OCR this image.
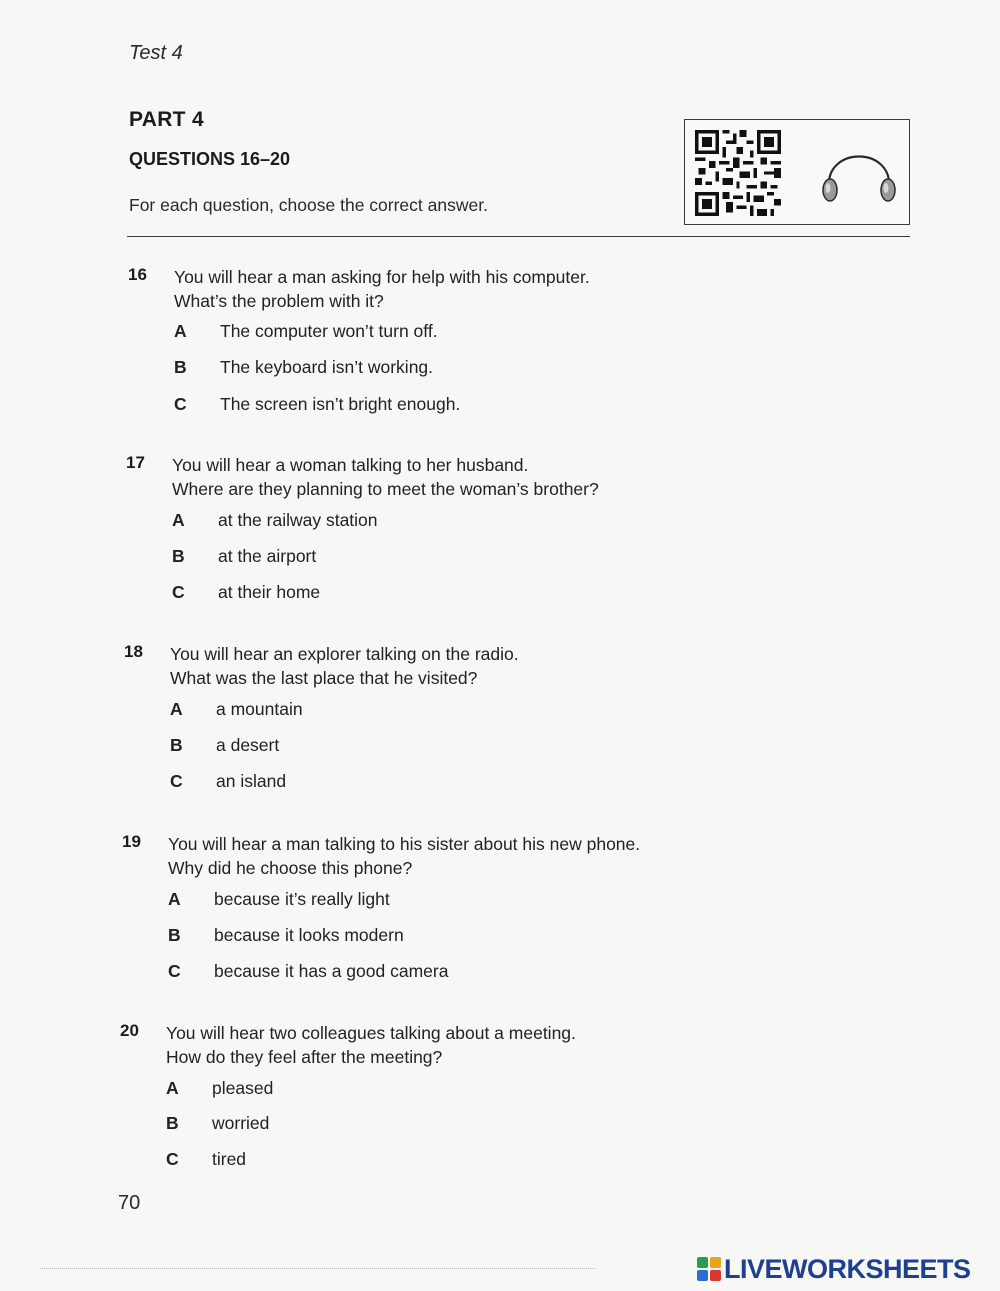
Test 4
PART 4
QUESTIONS 16–20
For each question, choose the correct answer.
16 You will hear a man asking for help with his computer.
What’s the problem with it?
A The computer won’t turn off.
B The keyboard isn’t working.
C The screen isn’t bright enough.
17 You will hear a woman talking to her husband.
Where are they planning to meet the woman’s brother?
A at the railway station
B at the airport
C at their home
18 You will hear an explorer talking on the radio.
What was the last place that he visited?
A a mountain
B a desert
C an island
19 You will hear a man talking to his sister about his new phone.
Why did he choose this phone?
A because it’s really light
B because it looks modern
C because it has a good camera
20 You will hear two colleagues talking about a meeting.
How do they feel after the meeting?
A pleased
B worried
C tired
70
LIVEWORKSHEETS
